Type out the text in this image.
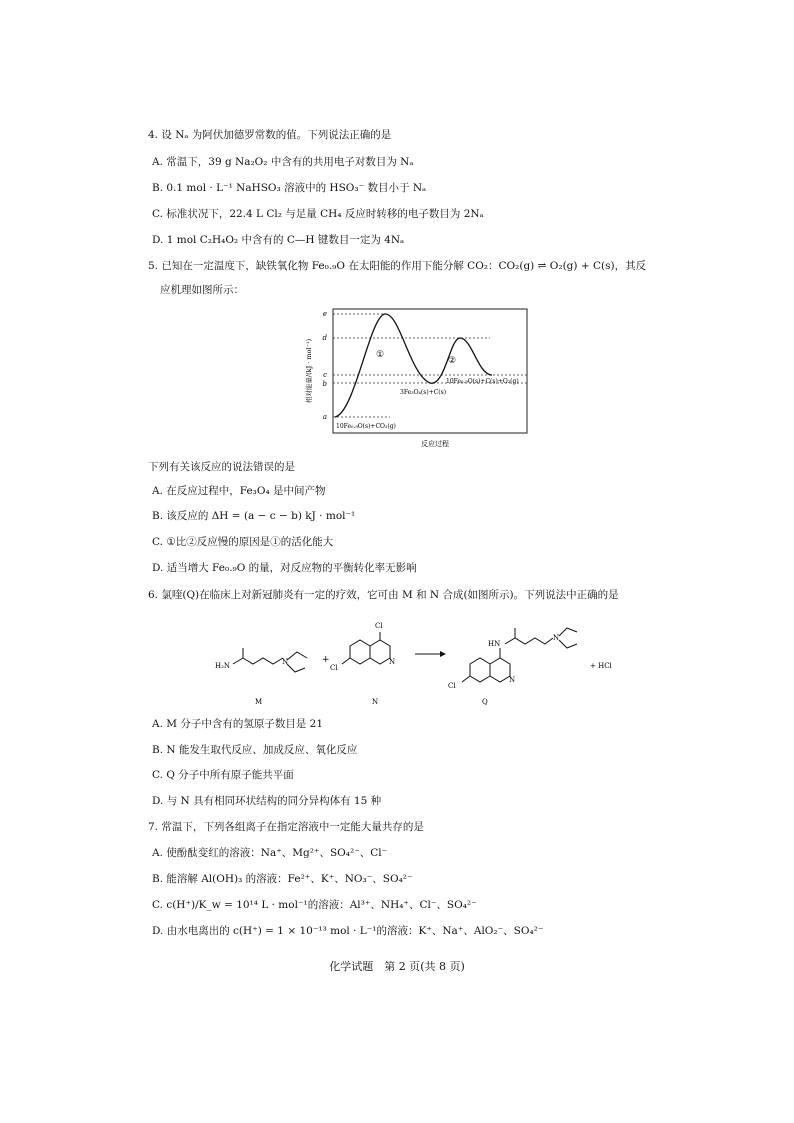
4. 设 Nₐ 为阿伏加德罗常数的值。下列说法正确的是
A. 常温下，39 g Na₂O₂ 中含有的共用电子对数目为 Nₐ
B. 0.1 mol · L⁻¹ NaHSO₃ 溶液中的 HSO₃⁻ 数目小于 Nₐ
C. 标准状况下，22.4 L Cl₂ 与足量 CH₄ 反应时转移的电子数目为 2Nₐ
D. 1 mol C₂H₄O₂ 中含有的 C—H 键数目一定为 4Nₐ
5. 已知在一定温度下，缺铁氧化物 Fe₀.₉O 在太阳能的作用下能分解 CO₂：CO₂(g) ⇌ O₂(g) + C(s)，其反
应机理如图所示：
e
d
c
b
a
相对能量/(kJ · mol⁻¹)	①
②
10Fe₀.₉O(s)+CO₂(g)
3Fe₃O₄(s)+C(s)
10Fe₀.₉O(s)+C(s)+O₂(g)
反应过程
下列有关该反应的说法错误的是
A. 在反应过程中，Fe₃O₄ 是中间产物
B. 该反应的 ΔH = (a − c − b) kJ · mol⁻¹
C. ①比②反应慢的原因是①的活化能大
D. 适当增大 Fe₀.₉O 的量，对反应物的平衡转化率无影响
6. 氯喹(Q)在临床上对新冠肺炎有一定的疗效，它可由 M 和 N 合成(如图所示)。下列说法中正确的是
H₂N	N
M
+
Cl
Cl
N
N
HN
N
Cl
N
Q
+ HCl
A. M 分子中含有的氢原子数目是 21
B. N 能发生取代反应、加成反应、氧化反应
C. Q 分子中所有原子能共平面
D. 与 N 具有相同环状结构的同分异构体有 15 种
7. 常温下，下列各组离子在指定溶液中一定能大量共存的是
A. 使酚酞变红的溶液：Na⁺、Mg²⁺、SO₄²⁻、Cl⁻
B. 能溶解 Al(OH)₃ 的溶液：Fe²⁺、K⁺、NO₃⁻、SO₄²⁻
C. c(H⁺)/K_w = 10¹⁴ L · mol⁻¹的溶液：Al³⁺、NH₄⁺、Cl⁻、SO₄²⁻
D. 由水电离出的 c(H⁺) = 1 × 10⁻¹³ mol · L⁻¹的溶液：K⁺、Na⁺、AlO₂⁻、SO₄²⁻
化学试题　第 2 页(共 8 页)
